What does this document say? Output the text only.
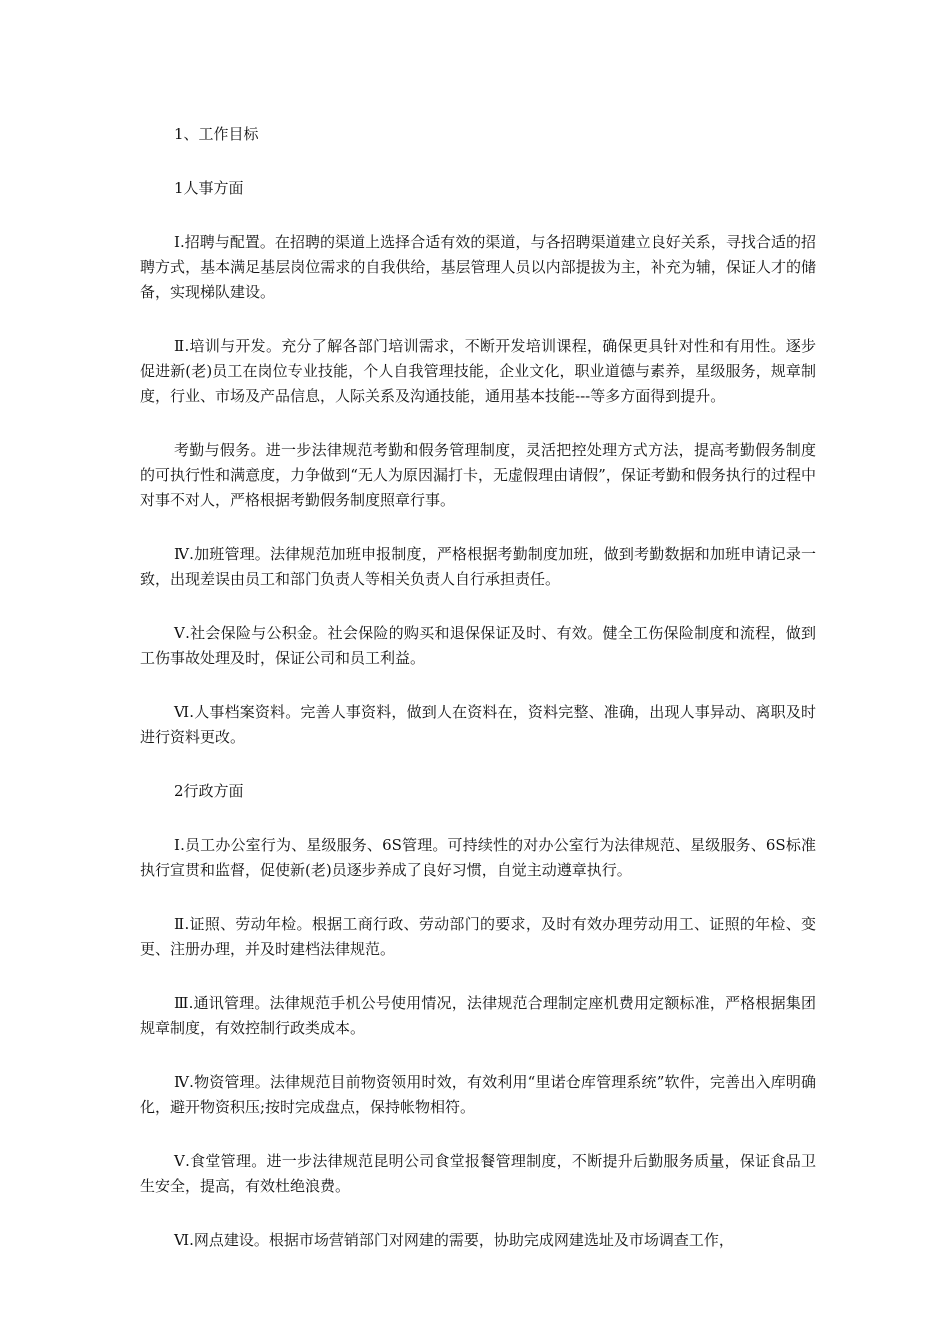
1、工作目标

1人事方面

Ⅰ.招聘与配置。在招聘的渠道上选择合适有效的渠道，与各招聘渠道建立良好关系，寻找合适的招聘方式，基本满足基层岗位需求的自我供给，基层管理人员以内部提拔为主，补充为辅，保证人才的储备，实现梯队建设。

Ⅱ.培训与开发。充分了解各部门培训需求，不断开发培训课程，确保更具针对性和有用性。逐步促进新(老)员工在岗位专业技能，个人自我管理技能，企业文化，职业道德与素养，星级服务，规章制度，行业、市场及产品信息，人际关系及沟通技能，通用基本技能---等多方面得到提升。

考勤与假务。进一步法律规范考勤和假务管理制度，灵活把控处理方式方法，提高考勤假务制度的可执行性和满意度，力争做到“无人为原因漏打卡，无虚假理由请假”，保证考勤和假务执行的过程中对事不对人，严格根据考勤假务制度照章行事。

Ⅳ.加班管理。法律规范加班申报制度，严格根据考勤制度加班，做到考勤数据和加班申请记录一致，出现差误由员工和部门负责人等相关负责人自行承担责任。

Ⅴ.社会保险与公积金。社会保险的购买和退保保证及时、有效。健全工伤保险制度和流程，做到工伤事故处理及时，保证公司和员工利益。

Ⅵ.人事档案资料。完善人事资料，做到人在资料在，资料完整、准确，出现人事异动、离职及时进行资料更改。

2行政方面

Ⅰ.员工办公室行为、星级服务、6S管理。可持续性的对办公室行为法律规范、星级服务、6S标准执行宣贯和监督，促使新(老)员逐步养成了良好习惯，自觉主动遵章执行。

Ⅱ.证照、劳动年检。根据工商行政、劳动部门的要求，及时有效办理劳动用工、证照的年检、变更、注册办理，并及时建档法律规范。

Ⅲ.通讯管理。法律规范手机公号使用情况，法律规范合理制定座机费用定额标准，严格根据集团规章制度，有效控制行政类成本。

Ⅳ.物资管理。法律规范目前物资领用时效，有效利用“里诺仓库管理系统”软件，完善出入库明确化，避开物资积压;按时完成盘点，保持帐物相符。

Ⅴ.食堂管理。进一步法律规范昆明公司食堂报餐管理制度，不断提升后勤服务质量，保证食品卫生安全，提高，有效杜绝浪费。

Ⅵ.网点建设。根据市场营销部门对网建的需要，协助完成网建选址及市场调查工作，
